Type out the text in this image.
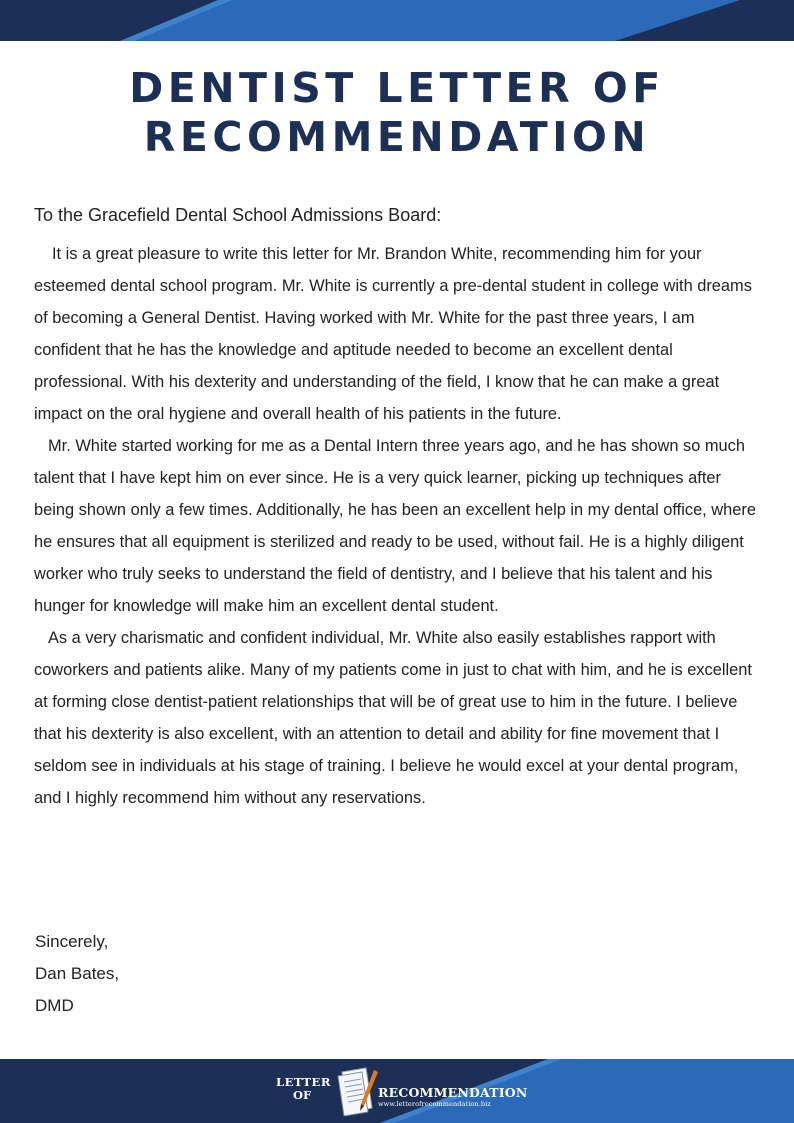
DENTIST LETTER OF
RECOMMENDATION

To the Gracefield Dental School Admissions Board:

It is a great pleasure to write this letter for Mr. Brandon White, recommending him for your esteemed dental school program. Mr. White is currently a pre-dental student in college with dreams of becoming a General Dentist. Having worked with Mr. White for the past three years, I am confident that he has the knowledge and aptitude needed to become an excellent dental professional. With his dexterity and understanding of the field, I know that he can make a great impact on the oral hygiene and overall health of his patients in the future.

Mr. White started working for me as a Dental Intern three years ago, and he has shown so much talent that I have kept him on ever since. He is a very quick learner, picking up techniques after being shown only a few times. Additionally, he has been an excellent help in my dental office, where he ensures that all equipment is sterilized and ready to be used, without fail. He is a highly diligent worker who truly seeks to understand the field of dentistry, and I believe that his talent and his hunger for knowledge will make him an excellent dental student.

As a very charismatic and confident individual, Mr. White also easily establishes rapport with coworkers and patients alike. Many of my patients come in just to chat with him, and he is excellent at forming close dentist-patient relationships that will be of great use to him in the future. I believe that his dexterity is also excellent, with an attention to detail and ability for fine movement that I seldom see in individuals at his stage of training. I believe he would excel at your dental program, and I highly recommend him without any reservations.

Sincerely,
Dan Bates,
DMD
LETTER
OF	RECOMMENDATION
www.letterofrecommendation.biz
